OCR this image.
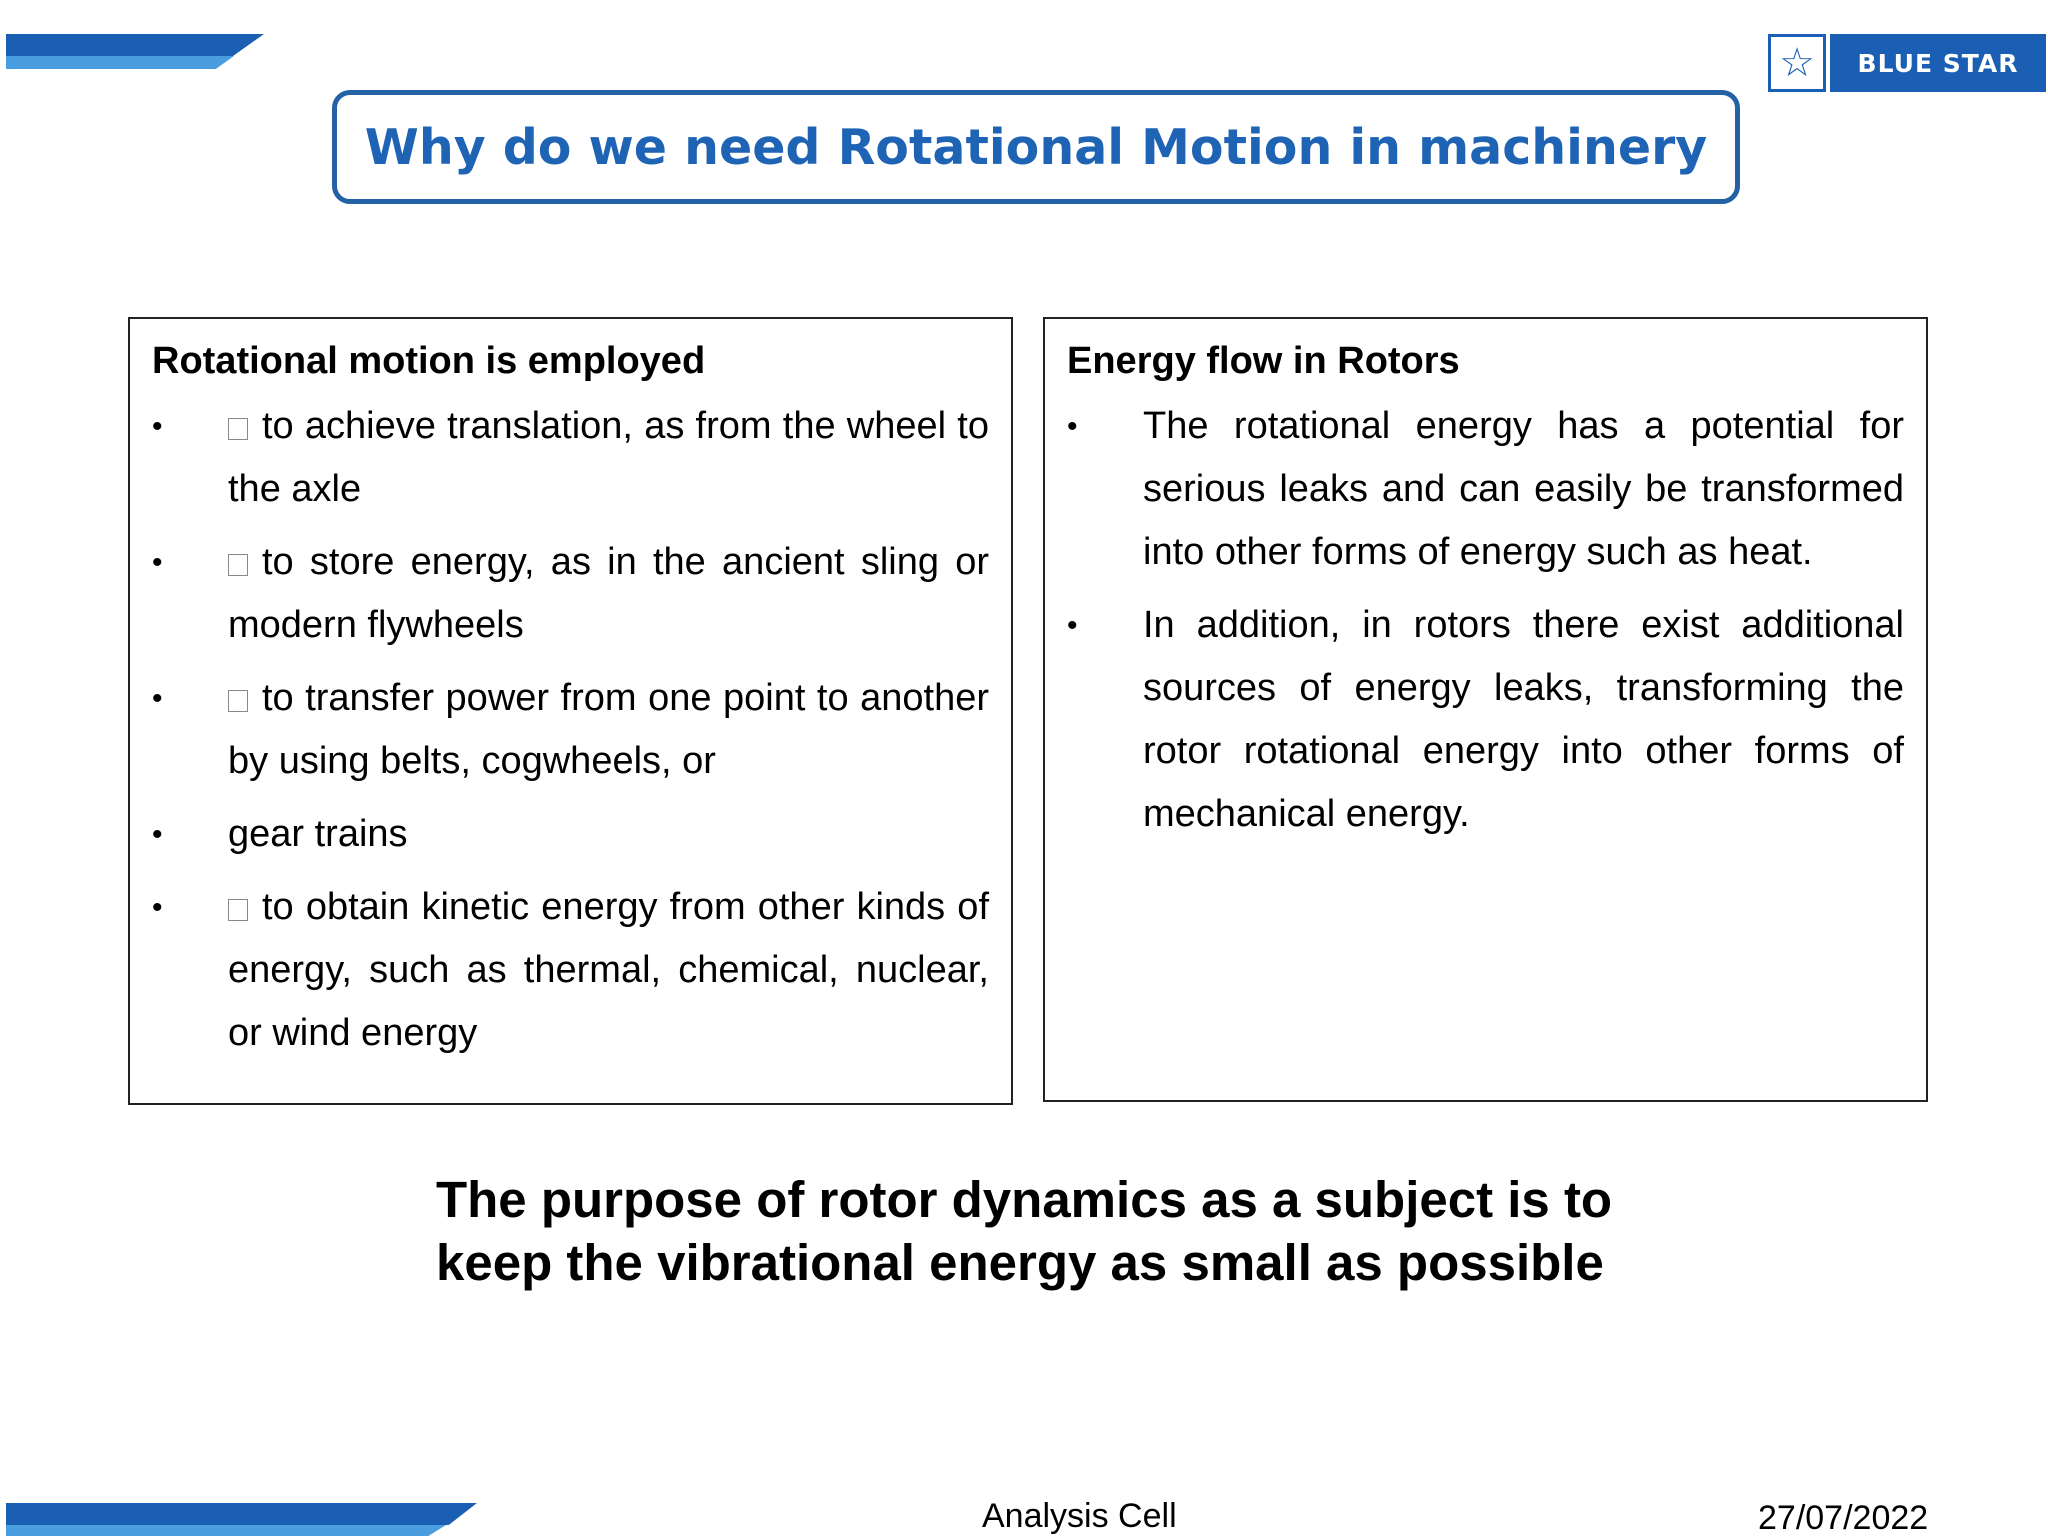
☆	BLUE STAR
Why do we need Rotational Motion in machinery
Rotational motion is employed
•	to achieve translation, as from the wheel to the axle
•	to store energy, as in the ancient sling or modern flywheels
•	to transfer power from one point to another by using belts, cogwheels, or
• gear trains
•	to obtain kinetic energy from other kinds of energy, such as thermal, chemical, nuclear, or wind energy
Energy flow in Rotors
• The rotational energy has a potential for serious leaks and can easily be transformed into other forms of energy such as heat.
• In addition, in rotors there exist additional sources of energy leaks, transforming the rotor rotational energy into other forms of mechanical energy.

The purpose of rotor dynamics as a subject is to

keep the vibrational energy as small as possible

Analysis Cell	27/07/2022
